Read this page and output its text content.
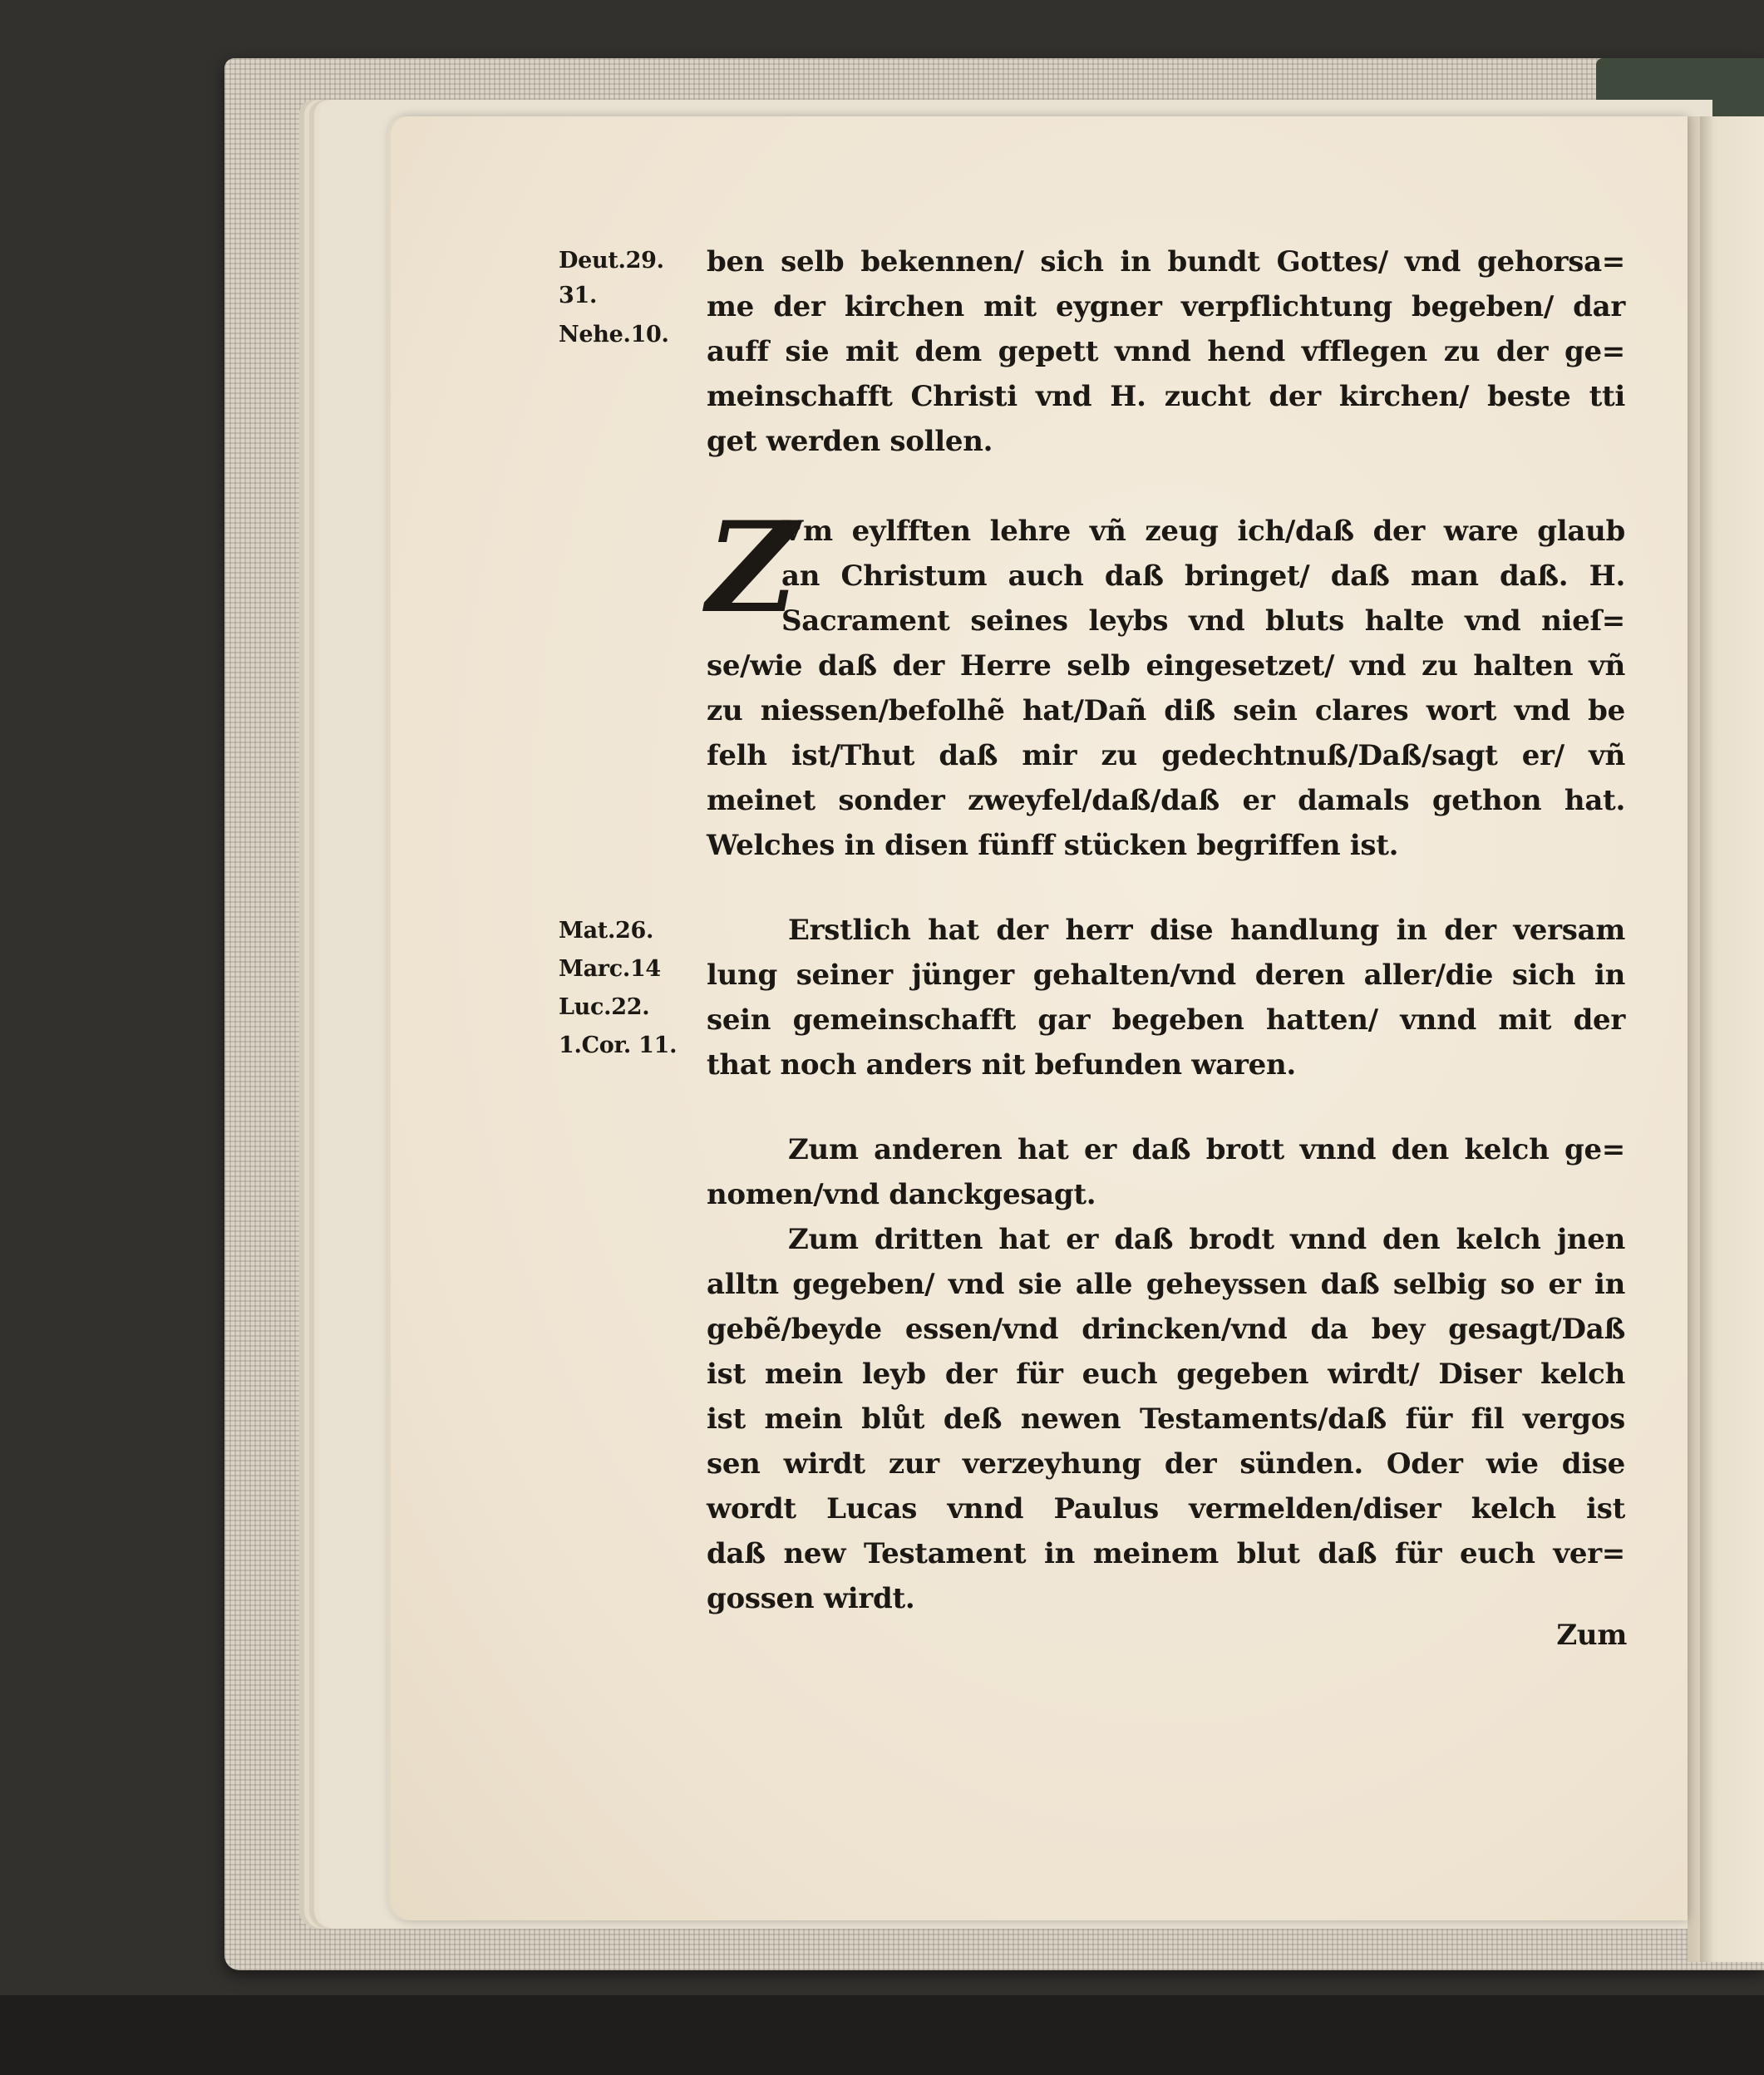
Deut.29.
31.
Nehe.10.
Mat.26.
Marc.14
Luc.22.
1.Cor. 11.
ben selb bekennen/ sich in bundt Gottes/ vnd gehorsa=
me der kirchen mit eygner verpflichtung begeben/ dar
auff sie mit dem gepett vnnd hend vfflegen zu der ge=
meinschafft Christi vnd H. zucht der kirchen/ beste tti
get werden sollen.
Z
Vm eylfften lehre vñ zeug ich/daß der ware glaub
an Christum auch daß bringet/ daß man daß. H.
Sacrament seines leybs vnd bluts halte vnd nieſ=
se/wie daß der Herre selb eingesetzet/ vnd zu halten vñ
zu niessen/befolhẽ hat/Dañ diß sein clares wort vnd be
felh ist/Thut daß mir zu gedechtnuß/Daß/sagt er/ vñ
meinet sonder zweyfel/daß/daß er damals gethon hat.
Welches in disen fünff stücken begriffen ist.
Erstlich hat der herr dise handlung in der versam
lung seiner jünger gehalten/vnd deren aller/die sich in
sein gemeinschafft gar begeben hatten/ vnnd mit der
that noch anders nit befunden waren.
Zum anderen hat er daß brott vnnd den kelch ge=
nomen/vnd danckgesagt.
Zum dritten hat er daß brodt vnnd den kelch jnen
alltn gegeben/ vnd sie alle geheyssen daß selbig so er in
gebẽ/beyde essen/vnd drincken/vnd da bey gesagt/Daß
ist mein leyb der für euch gegeben wirdt/ Diser kelch
ist mein blůt deß newen Testaments/daß für fil vergos
sen wirdt zur verzeyhung der sünden. Oder wie dise
wordt Lucas vnnd Paulus vermelden/diser kelch ist
daß new Testament in meinem blut daß für euch ver=
gossen wirdt.
Zum
